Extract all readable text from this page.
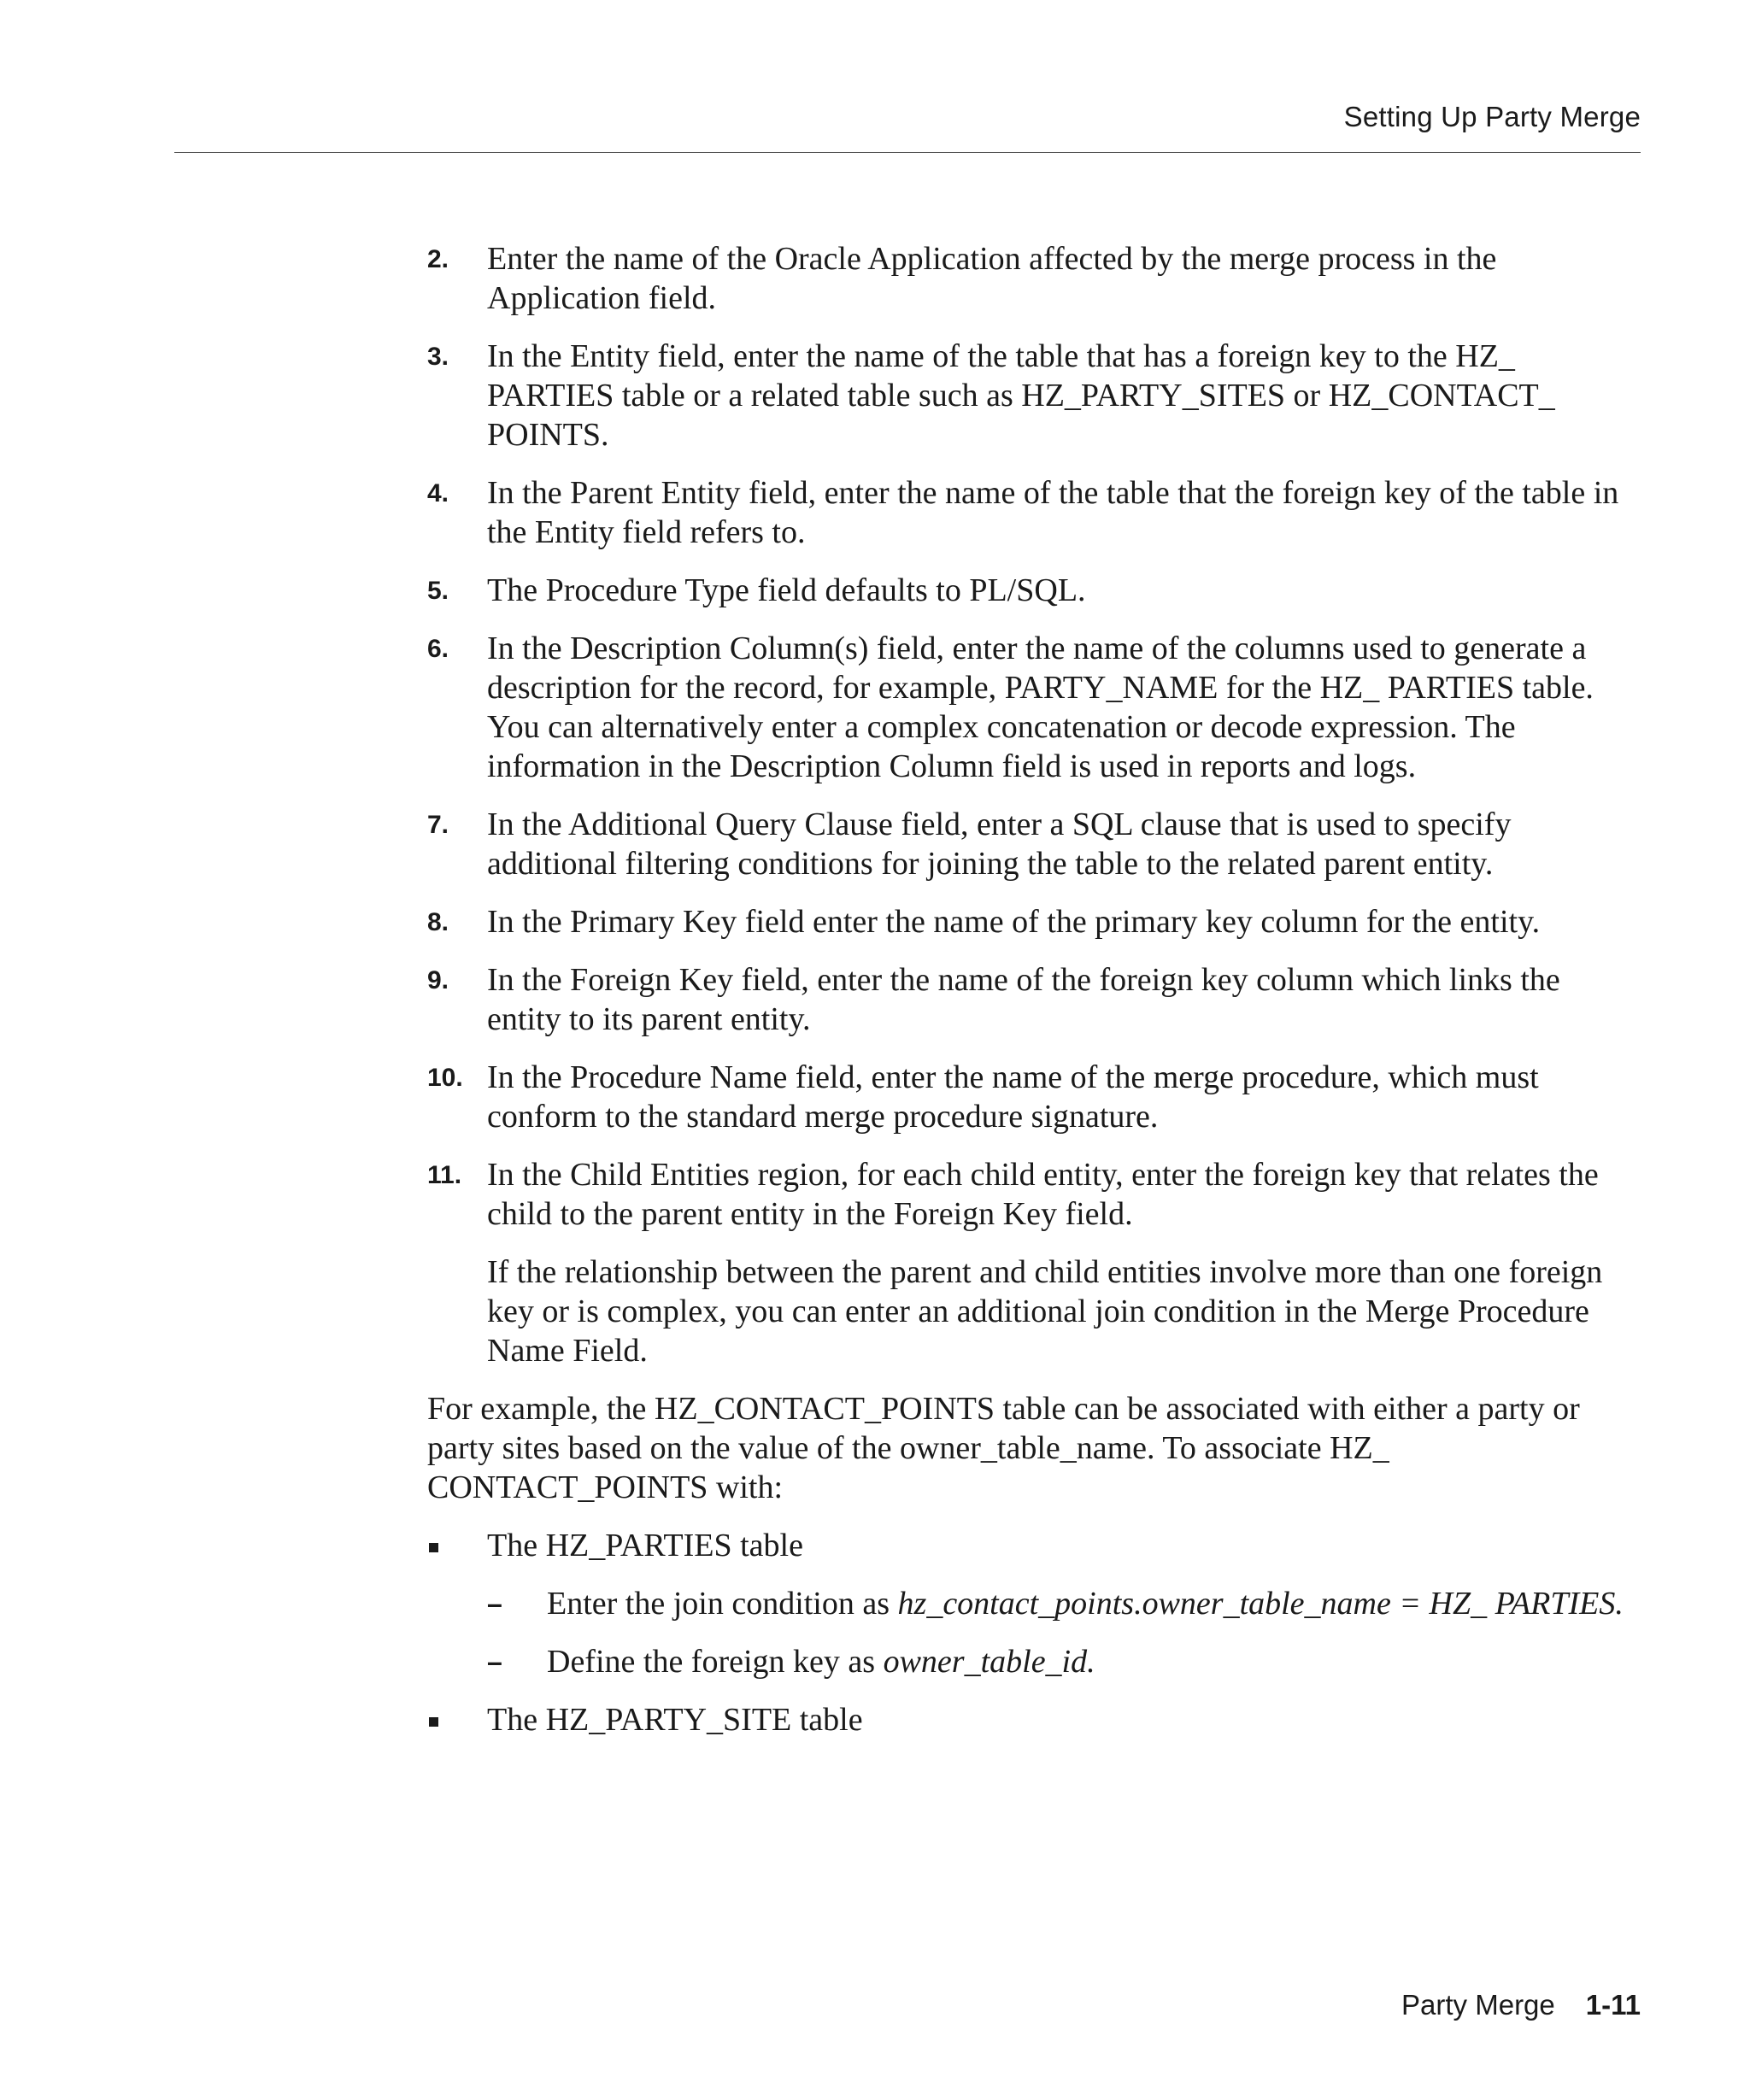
Setting Up Party Merge
2. Enter the name of the Oracle Application affected by the merge process in the Application field.
3. In the Entity field, enter the name of the table that has a foreign key to the HZ_ PARTIES table or a related table such as HZ_PARTY_SITES or HZ_CONTACT_ POINTS.
4. In the Parent Entity field, enter the name of the table that the foreign key of the table in the Entity field refers to.
5. The Procedure Type field defaults to PL/SQL.
6. In the Description Column(s) field, enter the name of the columns used to generate a description for the record, for example, PARTY_NAME for the HZ_ PARTIES table. You can alternatively enter a complex concatenation or decode expression. The information in the Description Column field is used in reports and logs.
7. In the Additional Query Clause field, enter a SQL clause that is used to specify additional filtering conditions for joining the table to the related parent entity.
8. In the Primary Key field enter the name of the primary key column for the entity.
9. In the Foreign Key field, enter the name of the foreign key column which links the entity to its parent entity.
10. In the Procedure Name field, enter the name of the merge procedure, which must conform to the standard merge procedure signature.
11. In the Child Entities region, for each child entity, enter the foreign key that relates the child to the parent entity in the Foreign Key field.
If the relationship between the parent and child entities involve more than one foreign key or is complex, you can enter an additional join condition in the Merge Procedure Name Field.
For example, the HZ_CONTACT_POINTS table can be associated with either a party or party sites based on the value of the owner_table_name. To associate HZ_ CONTACT_POINTS with:
The HZ_PARTIES table
– Enter the join condition as hz_contact_points.owner_table_name = HZ_ PARTIES.
– Define the foreign key as owner_table_id.
The HZ_PARTY_SITE table
Party Merge 1-11
